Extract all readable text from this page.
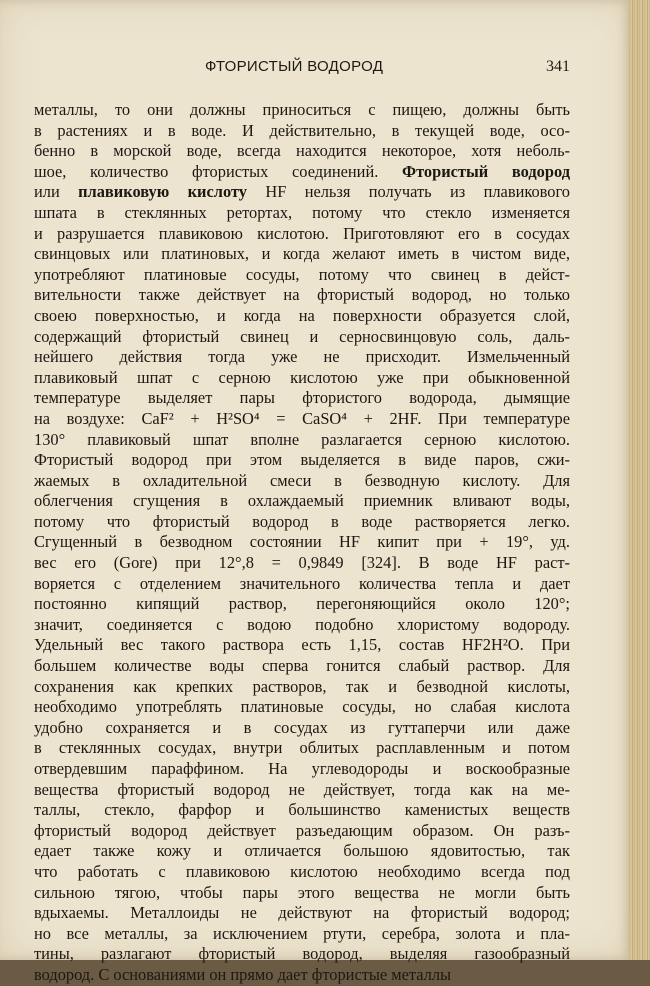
ФТОРИСТЫЙ ВОДОРОД	341
металлы, то они должны приноситься с пищею, должны быть
в растениях и в воде. И действительно, в текущей воде, осо-
бенно в морской воде, всегда находится некоторое, хотя неболь-
шое, количество фтористых соединений. Фтористый водород
или плавиковую кислоту HF нельзя получать из плавикового
шпата в стеклянных ретортах, потому что стекло изменяется
и разрушается плавиковою кислотою. Приготовляют его в сосудах
свинцовых или платиновых, и когда желают иметь в чистом виде,
употребляют платиновые сосуды, потому что свинец в дейст-
вительности также действует на фтористый водород, но только
своею поверхностью, и когда на поверхности образуется слой,
содержащий фтористый свинец и серносвинцовую соль, даль-
нейшего действия тогда уже не присходит. Измельченный
плавиковый шпат с серною кислотою уже при обыкновенной
температуре выделяет пары фтористого водорода, дымящие
на воздухе: CaF² + H²SO⁴ = CaSO⁴ + 2HF. При температуре
130° плавиковый шпат вполне разлагается серною кислотою.
Фтористый водород при этом выделяется в виде паров, сжи-
жаемых в охладительной смеси в безводную кислоту. Для
облегчения сгущения в охлаждаемый приемник вливают воды,
потому что фтористый водород в воде растворяется легко.
Сгущенный в безводном состоянии HF кипит при + 19°, уд.
вес его (Gore) при 12°,8 = 0,9849 [324]. В воде HF раст-
воряется с отделением значительного количества тепла и дает
постоянно кипящий раствор, перегоняющийся около 120°;
значит, соединяется с водою подобно хлористому водороду.
Удельный вес такого раствора есть 1,15, состав HF2H²O. При
большем количестве воды сперва гонится слабый раствор. Для
сохранения как крепких растворов, так и безводной кислоты,
необходимо употреблять платиновые сосуды, но слабая кислота
удобно сохраняется и в сосудах из гуттаперчи или даже
в стеклянных сосудах, внутри облитых расплавленным и потом
отвердевшим параффином. На углеводороды и воскообразные
вещества фтористый водород не действует, тогда как на ме-
таллы, стекло, фарфор и большинство каменистых веществ
фтористый водород действует разъедающим образом. Он разъ-
едает также кожу и отличается большою ядовитостью, так
что работать с плавиковою кислотою необходимо всегда под
сильною тягою, чтобы пары этого вещества не могли быть
вдыхаемы. Металлоиды не действуют на фтористый водород;
но все металлы, за исключением ртути, серебра, золота и пла-
тины, разлагают фтористый водород, выделяя газообразный
водород. С основаниями он прямо дает фтористые металлы
